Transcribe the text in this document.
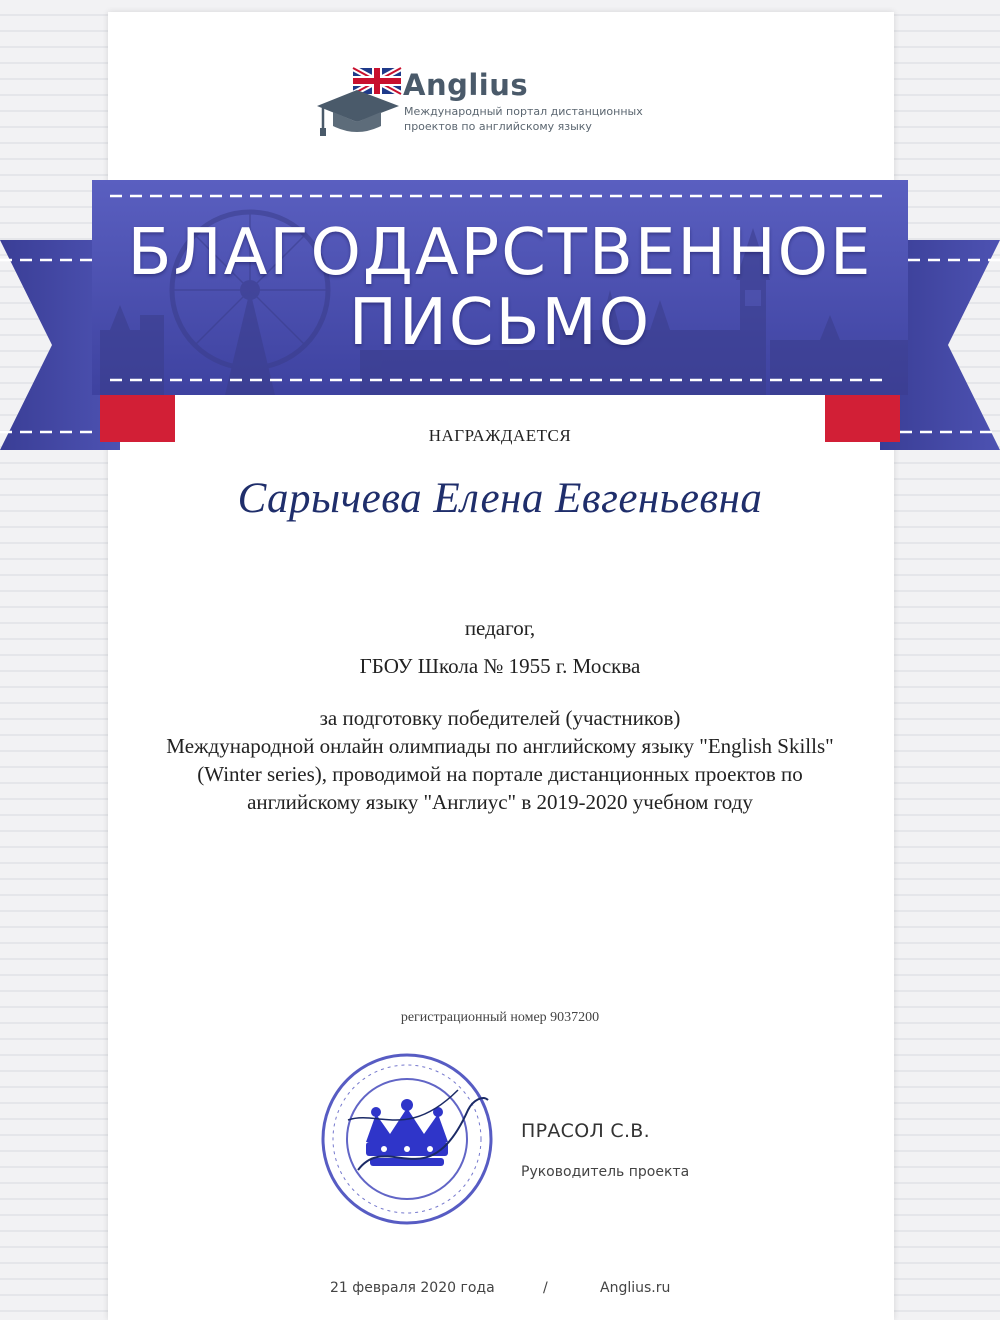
Anglius
Международный портал дистанционных
проектов по английскому языку
БЛАГОДАРСТВЕННОЕ
ПИСЬМО
НАГРАЖДАЕТСЯ
Сарычева Елена Евгеньевна
педагог,
ГБОУ Школа № 1955 г. Москва
за подготовку победителей (участников)
Международной онлайн олимпиады по английскому языку "English Skills"
(Winter series), проводимой на портале дистанционных проектов по
английскому языку "Англиус" в 2019-2020 учебном году
регистрационный номер 9037200
ПРАСОЛ С.В.
Руководитель проекта
21 февраля 2020 года	/	Anglius.ru
